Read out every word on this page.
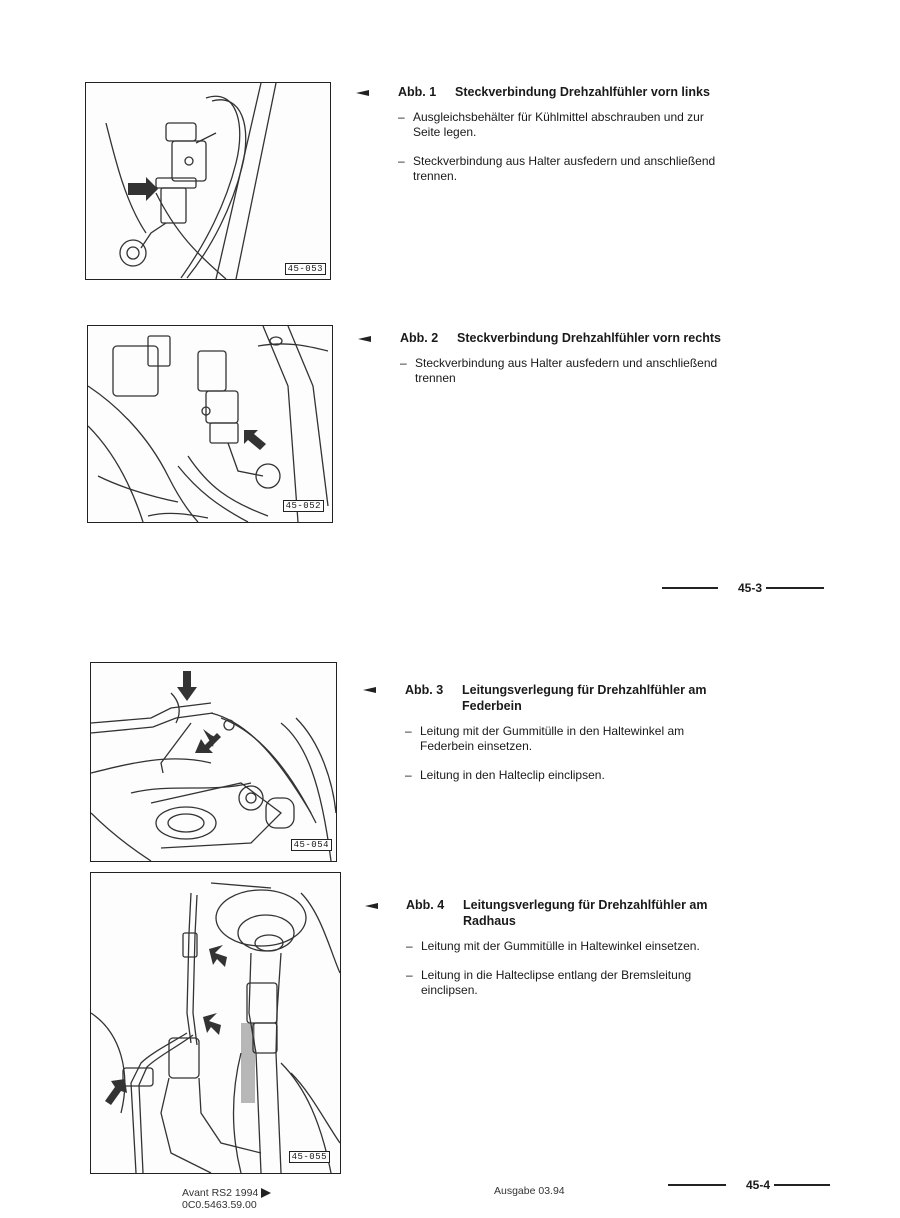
45-053
Abb. 1	Steckverbindung Drehzahlfühler vorn links
– Ausgleichsbehälter für Kühlmittel abschrauben und zur Seite legen.
– Steckverbindung aus Halter ausfedern und anschließend trennen.
45-052
Abb. 2	Steckverbindung Drehzahlfühler vorn rechts
– Steckverbindung aus Halter ausfedern und anschließend trennen
45-3
45-054
Abb. 3	Leitungsverlegung für Drehzahlfühler am Federbein
– Leitung mit der Gummitülle in den Haltewinkel am Federbein einsetzen.
– Leitung in den Halteclip einclipsen.
45-055
Abb. 4	Leitungsverlegung für Drehzahlfühler am Radhaus
– Leitung mit der Gummitülle in Haltewinkel einsetzen.
– Leitung in die Halteclipse entlang der Bremsleitung einclipsen.
Avant RS2 1994
0C0.5463.59.00
Ausgabe 03.94	45-4
